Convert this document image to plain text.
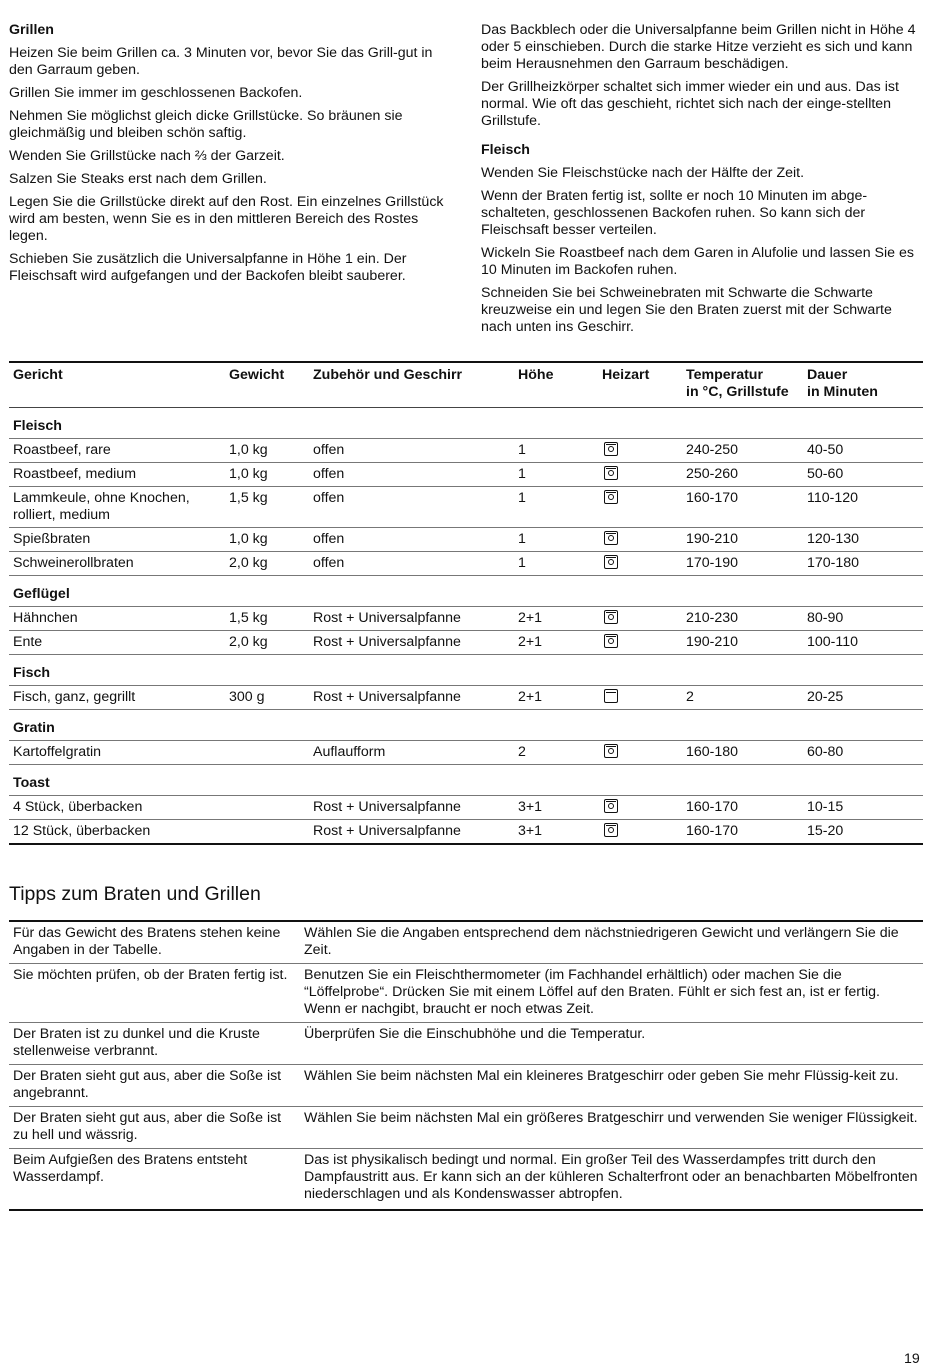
Grillen

Heizen Sie beim Grillen ca. 3 Minuten vor, bevor Sie das Grill-gut in den Garraum geben.

Grillen Sie immer im geschlossenen Backofen.

Nehmen Sie möglichst gleich dicke Grillstücke. So bräunen sie gleichmäßig und bleiben schön saftig.

Wenden Sie Grillstücke nach ⅔ der Garzeit.

Salzen Sie Steaks erst nach dem Grillen.

Legen Sie die Grillstücke direkt auf den Rost. Ein einzelnes Grillstück wird am besten, wenn Sie es in den mittleren Bereich des Rostes legen.

Schieben Sie zusätzlich die Universalpfanne in Höhe 1 ein. Der Fleischsaft wird aufgefangen und der Backofen bleibt sauberer.

Das Backblech oder die Universalpfanne beim Grillen nicht in Höhe 4 oder 5 einschieben. Durch die starke Hitze verzieht es sich und kann beim Herausnehmen den Garraum beschädigen.

Der Grillheizkörper schaltet sich immer wieder ein und aus. Das ist normal. Wie oft das geschieht, richtet sich nach der einge-stellten Grillstufe.

Fleisch

Wenden Sie Fleischstücke nach der Hälfte der Zeit.

Wenn der Braten fertig ist, sollte er noch 10 Minuten im abge-schalteten, geschlossenen Backofen ruhen. So kann sich der Fleischsaft besser verteilen.

Wickeln Sie Roastbeef nach dem Garen in Alufolie und lassen Sie es 10 Minuten im Backofen ruhen.

Schneiden Sie bei Schweinebraten mit Schwarte die Schwarte kreuzweise ein und legen Sie den Braten zuerst mit der Schwarte nach unten ins Geschirr.

Gericht	Gewicht	Zubehör und Geschirr	Höhe	Heizart	Temperatur
in °C, Grillstufe	Dauer
in Minuten
Fleisch						
Roastbeef, rare	1,0 kg	offen	1		240-250	40-50
Roastbeef, medium	1,0 kg	offen	1		250-260	50-60
Lammkeule, ohne Knochen, rolliert, medium	1,5 kg	offen	1		160-170	110-120
Spießbraten	1,0 kg	offen	1		190-210	120-130
Schweinerollbraten	2,0 kg	offen	1		170-190	170-180
Geflügel						
Hähnchen	1,5 kg	Rost + Universalpfanne	2+1		210-230	80-90
Ente	2,0 kg	Rost + Universalpfanne	2+1		190-210	100-110
Fisch						
Fisch, ganz, gegrillt	300 g	Rost + Universalpfanne	2+1		2	20-25
Gratin						
Kartoffelgratin		Auflaufform	2		160-180	60-80
Toast						
4 Stück, überbacken		Rost + Universalpfanne	3+1		160-170	10-15
12 Stück, überbacken		Rost + Universalpfanne	3+1		160-170	15-20
Tipps zum Braten und Grillen
Für das Gewicht des Bratens stehen keine Angaben in der Tabelle.	Wählen Sie die Angaben entsprechend dem nächstniedrigeren Gewicht und verlängern Sie die Zeit.
Sie möchten prüfen, ob der Braten fertig ist.	Benutzen Sie ein Fleischthermometer (im Fachhandel erhältlich) oder machen Sie die “Löffelprobe“. Drücken Sie mit einem Löffel auf den Braten. Fühlt er sich fest an, ist er fertig. Wenn er nachgibt, braucht er noch etwas Zeit.
Der Braten ist zu dunkel und die Kruste stellenweise verbrannt.	Überprüfen Sie die Einschubhöhe und die Temperatur.
Der Braten sieht gut aus, aber die Soße ist angebrannt.	Wählen Sie beim nächsten Mal ein kleineres Bratgeschirr oder geben Sie mehr Flüssig-keit zu.
Der Braten sieht gut aus, aber die Soße ist zu hell und wässrig.	Wählen Sie beim nächsten Mal ein größeres Bratgeschirr und verwenden Sie weniger Flüssigkeit.
Beim Aufgießen des Bratens entsteht Wasserdampf.	Das ist physikalisch bedingt und normal. Ein großer Teil des Wasserdampfes tritt durch den Dampfaustritt aus. Er kann sich an der kühleren Schalterfront oder an benachbarten Möbelfronten niederschlagen und als Kondenswasser abtropfen.
19
